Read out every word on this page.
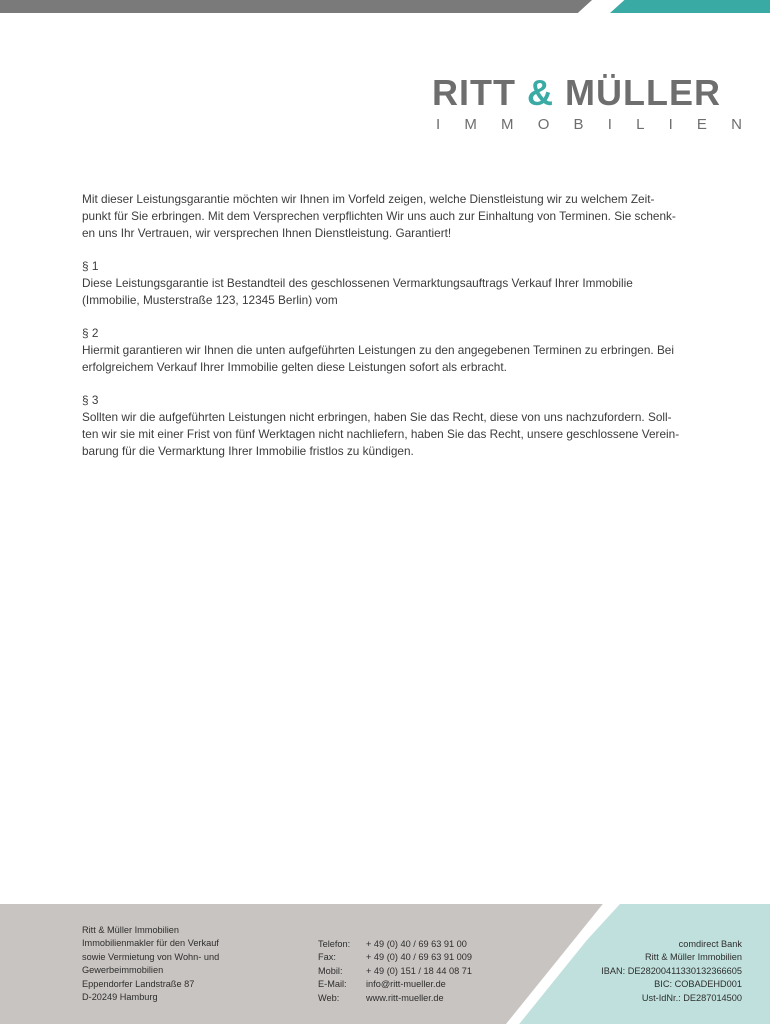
RITT & MÜLLER
I M M O B I L I E N

Mit dieser Leistungsgarantie möchten wir Ihnen im Vorfeld zeigen, welche Dienstleistung wir zu welchem Zeit-
punkt für Sie erbringen. Mit dem Versprechen verpflichten Wir uns auch zur Einhaltung von Terminen. Sie schenk-
en uns Ihr Vertrauen, wir versprechen Ihnen Dienstleistung. Garantiert!

§ 1
Diese Leistungsgarantie ist Bestandteil des geschlossenen Vermarktungsauftrags Verkauf Ihrer Immobilie
(Immobilie, Musterstraße 123, 12345 Berlin) vom

§ 2
Hiermit garantieren wir Ihnen die unten aufgeführten Leistungen zu den angegebenen Terminen zu erbringen. Bei
erfolgreichem Verkauf Ihrer Immobilie gelten diese Leistungen sofort als erbracht.

§ 3
Sollten wir die aufgeführten Leistungen nicht erbringen, haben Sie das Recht, diese von uns nachzufordern. Soll-
ten wir sie mit einer Frist von fünf Werktagen nicht nachliefern, haben Sie das Recht, unsere geschlossene Verein-
barung für die Vermarktung Ihrer Immobilie fristlos zu kündigen.

Ritt & Müller Immobilien
Immobilienmakler für den Verkauf
sowie Vermietung von Wohn- und
Gewerbeimmobilien
Eppendorfer Landstraße 87
D-20249 Hamburg
Telefon:	+ 49 (0) 40 / 69 63 91 00
Fax:	+ 49 (0) 40 / 69 63 91 009
Mobil:	+ 49 (0) 151 / 18 44 08 71
E-Mail:	info@ritt-mueller.de
Web:	www.ritt-mueller.de
comdirect Bank
Ritt & Müller Immobilien
IBAN: DE28200411330132366605
BIC: COBADEHD001
Ust-IdNr.: DE287014500
